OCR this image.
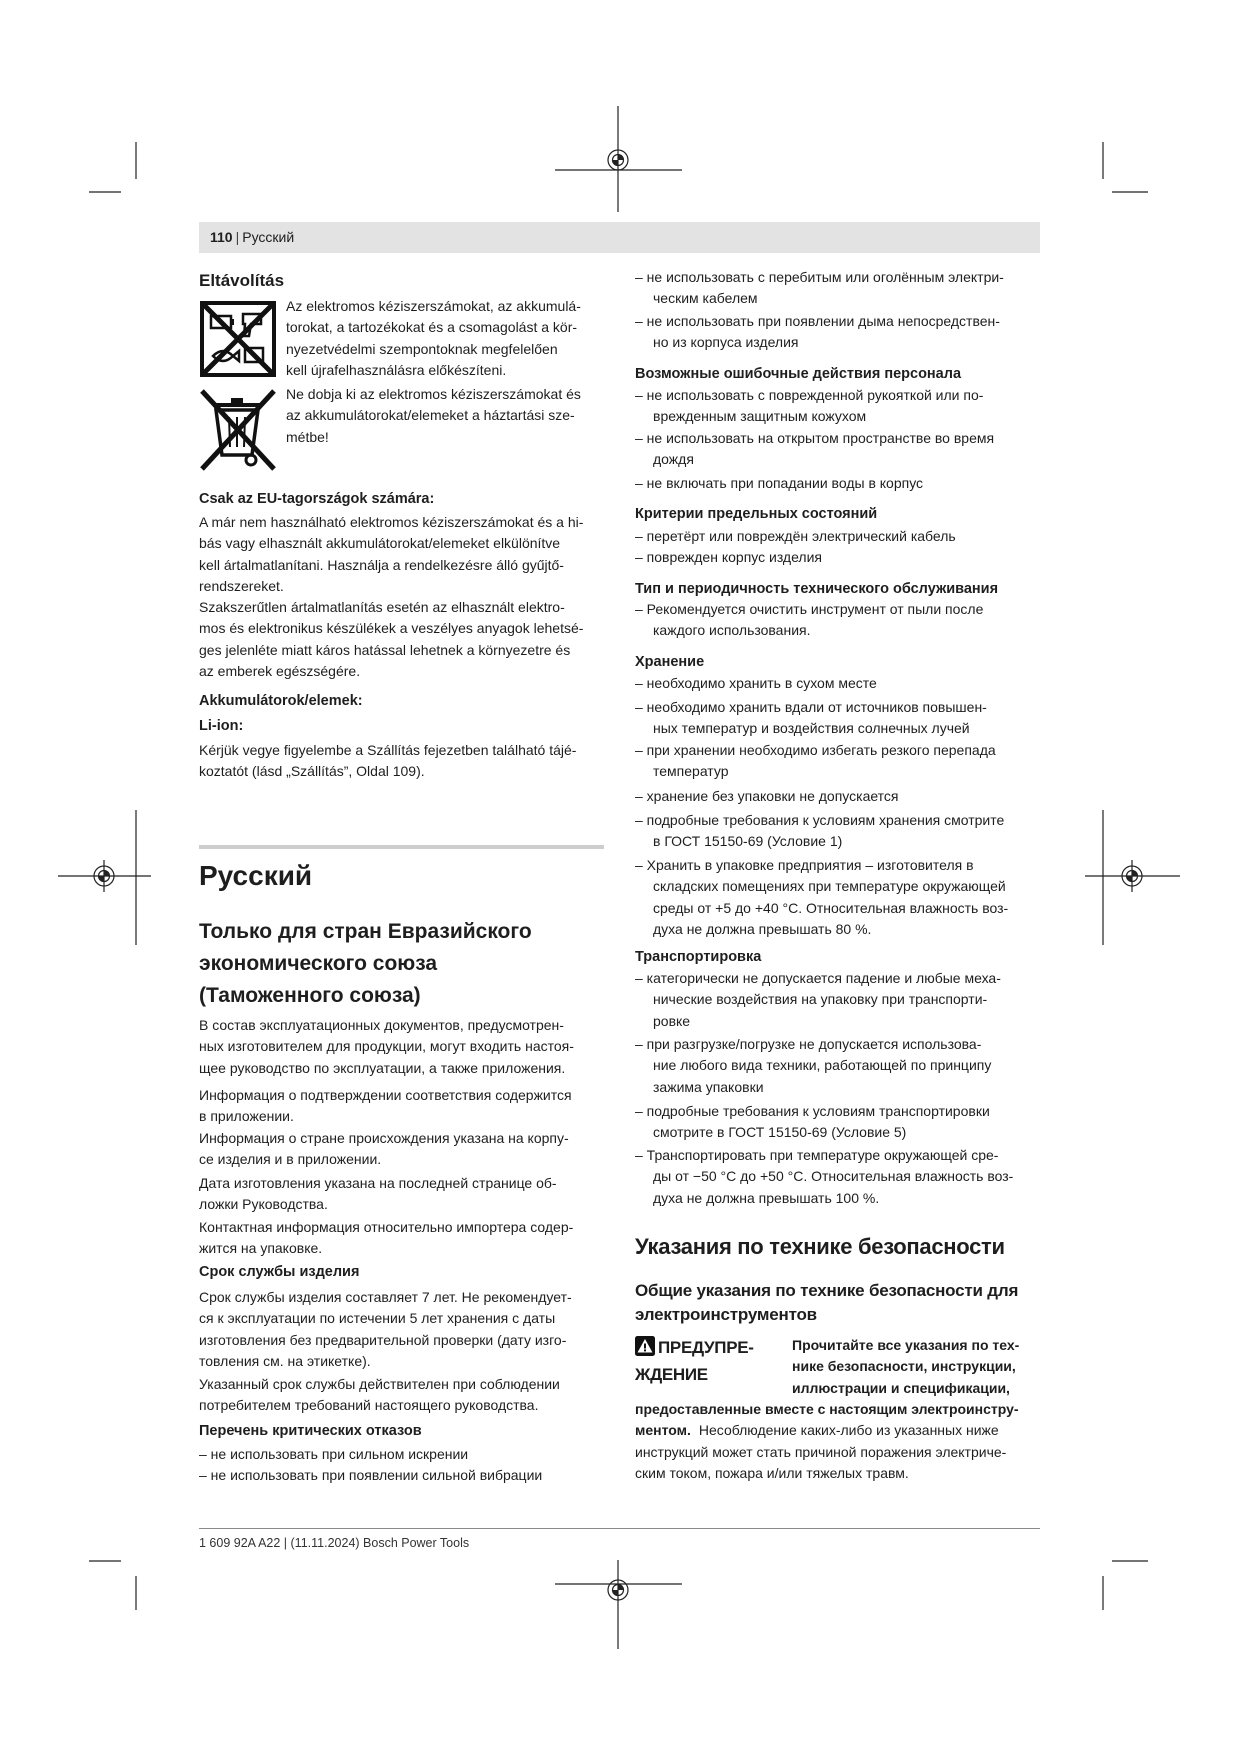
110 | Русский
Eltávolítás
Az elektromos kéziszerszámokat, az akkumulá-
torokat, a tartozékokat és a csomagolást a kör-
nyezetvédelmi szempontoknak megfelelően
kell újrafelhasználásra előkészíteni.
Ne dobja ki az elektromos kéziszerszámokat és
az akkumulátorokat/elemeket a háztartási sze-
métbe!
Csak az EU-tagországok számára:
A már nem használható elektromos kéziszerszámokat és a hi-
bás vagy elhasznált akkumulátorokat/elemeket elkülönítve
kell ártalmatlanítani. Használja a rendelkezésre álló gyűjtő-
rendszereket.
Szakszerűtlen ártalmatlanítás esetén az elhasznált elektro-
mos és elektronikus készülékek a veszélyes anyagok lehetsé-
ges jelenléte miatt káros hatással lehetnek a környezetre és
az emberek egészségére.
Akkumulátorok/elemek:
Li-ion:
Kérjük vegye figyelembe a Szállítás fejezetben található tájé-
koztatót (lásd „Szállítás”, Oldal 109).
Русский
Только для стран Евразийского
экономического союза
(Таможенного союза)
В состав эксплуатационных документов, предусмотрен-
ных изготовителем для продукции, могут входить настоя-
щее руководство по эксплуатации, а также приложения.
Информация о подтверждении соответствия содержится
в приложении.
Информация о стране происхождения указана на корпу-
се изделия и в приложении.
Дата изготовления указана на последней странице об-
ложки Руководства.
Контактная информация относительно импортера содер-
жится на упаковке.
Срок службы изделия
Срок службы изделия составляет 7 лет. Не рекомендует-
ся к эксплуатации по истечении 5 лет хранения с даты
изготовления без предварительной проверки (дату изго-
товления см. на этикетке).
Указанный срок службы действителен при соблюдении
потребителем требований настоящего руководства.
Перечень критических отказов
– не использовать при сильном искрении
– не использовать при появлении сильной вибрации
– не использовать с перебитым или оголённым электри-
ческим кабелем
– не использовать при появлении дыма непосредствен-
но из корпуса изделия
Возможные ошибочные действия персонала
– не использовать с поврежденной рукояткой или по-
врежденным защитным кожухом
– не использовать на открытом пространстве во время
дождя
– не включать при попадании воды в корпус
Критерии предельных состояний
– перетёрт или повреждён электрический кабель
– поврежден корпус изделия
Тип и периодичность технического обслуживания
– Рекомендуется очистить инструмент от пыли после
каждого использования.
Хранение
– необходимо хранить в сухом месте
– необходимо хранить вдали от источников повышен-
ных температур и воздействия солнечных лучей
– при хранении необходимо избегать резкого перепада
температур
– хранение без упаковки не допускается
– подробные требования к условиям хранения смотрите
в ГОСТ 15150-69 (Условие 1)
– Хранить в упаковке предприятия – изготовителя в
складских помещениях при температуре окружающей
среды от +5 до +40 °C. Относительная влажность воз-
духа не должна превышать 80 %.
Транспортировка
– категорически не допускается падение и любые меха-
нические воздействия на упаковку при транспорти-
ровке
– при разгрузке/погрузке не допускается использова-
ние любого вида техники, работающей по принципу
зажима упаковки
– подробные требования к условиям транспортировки
смотрите в ГОСТ 15150-69 (Условие 5)
– Транспортировать при температуре окружающей сре-
ды от −50 °C до +50 °C. Относительная влажность воз-
духа не должна превышать 100 %.
Указания по технике безопасности
Общие указания по технике безопасности для
электроинструментов
ПРЕДУПРЕ-
ЖДЕНИЕ
Прочитайте все указания по тех-
нике безопасности, инструкции,
иллюстрации и спецификации,
предоставленные вместе с настоящим электроинстру-
ментом. Несоблюдение каких-либо из указанных ниже
инструкций может стать причиной поражения электриче-
ским током, пожара и/или тяжелых травм.
1 609 92A A22 | (11.11.2024) Bosch Power Tools
